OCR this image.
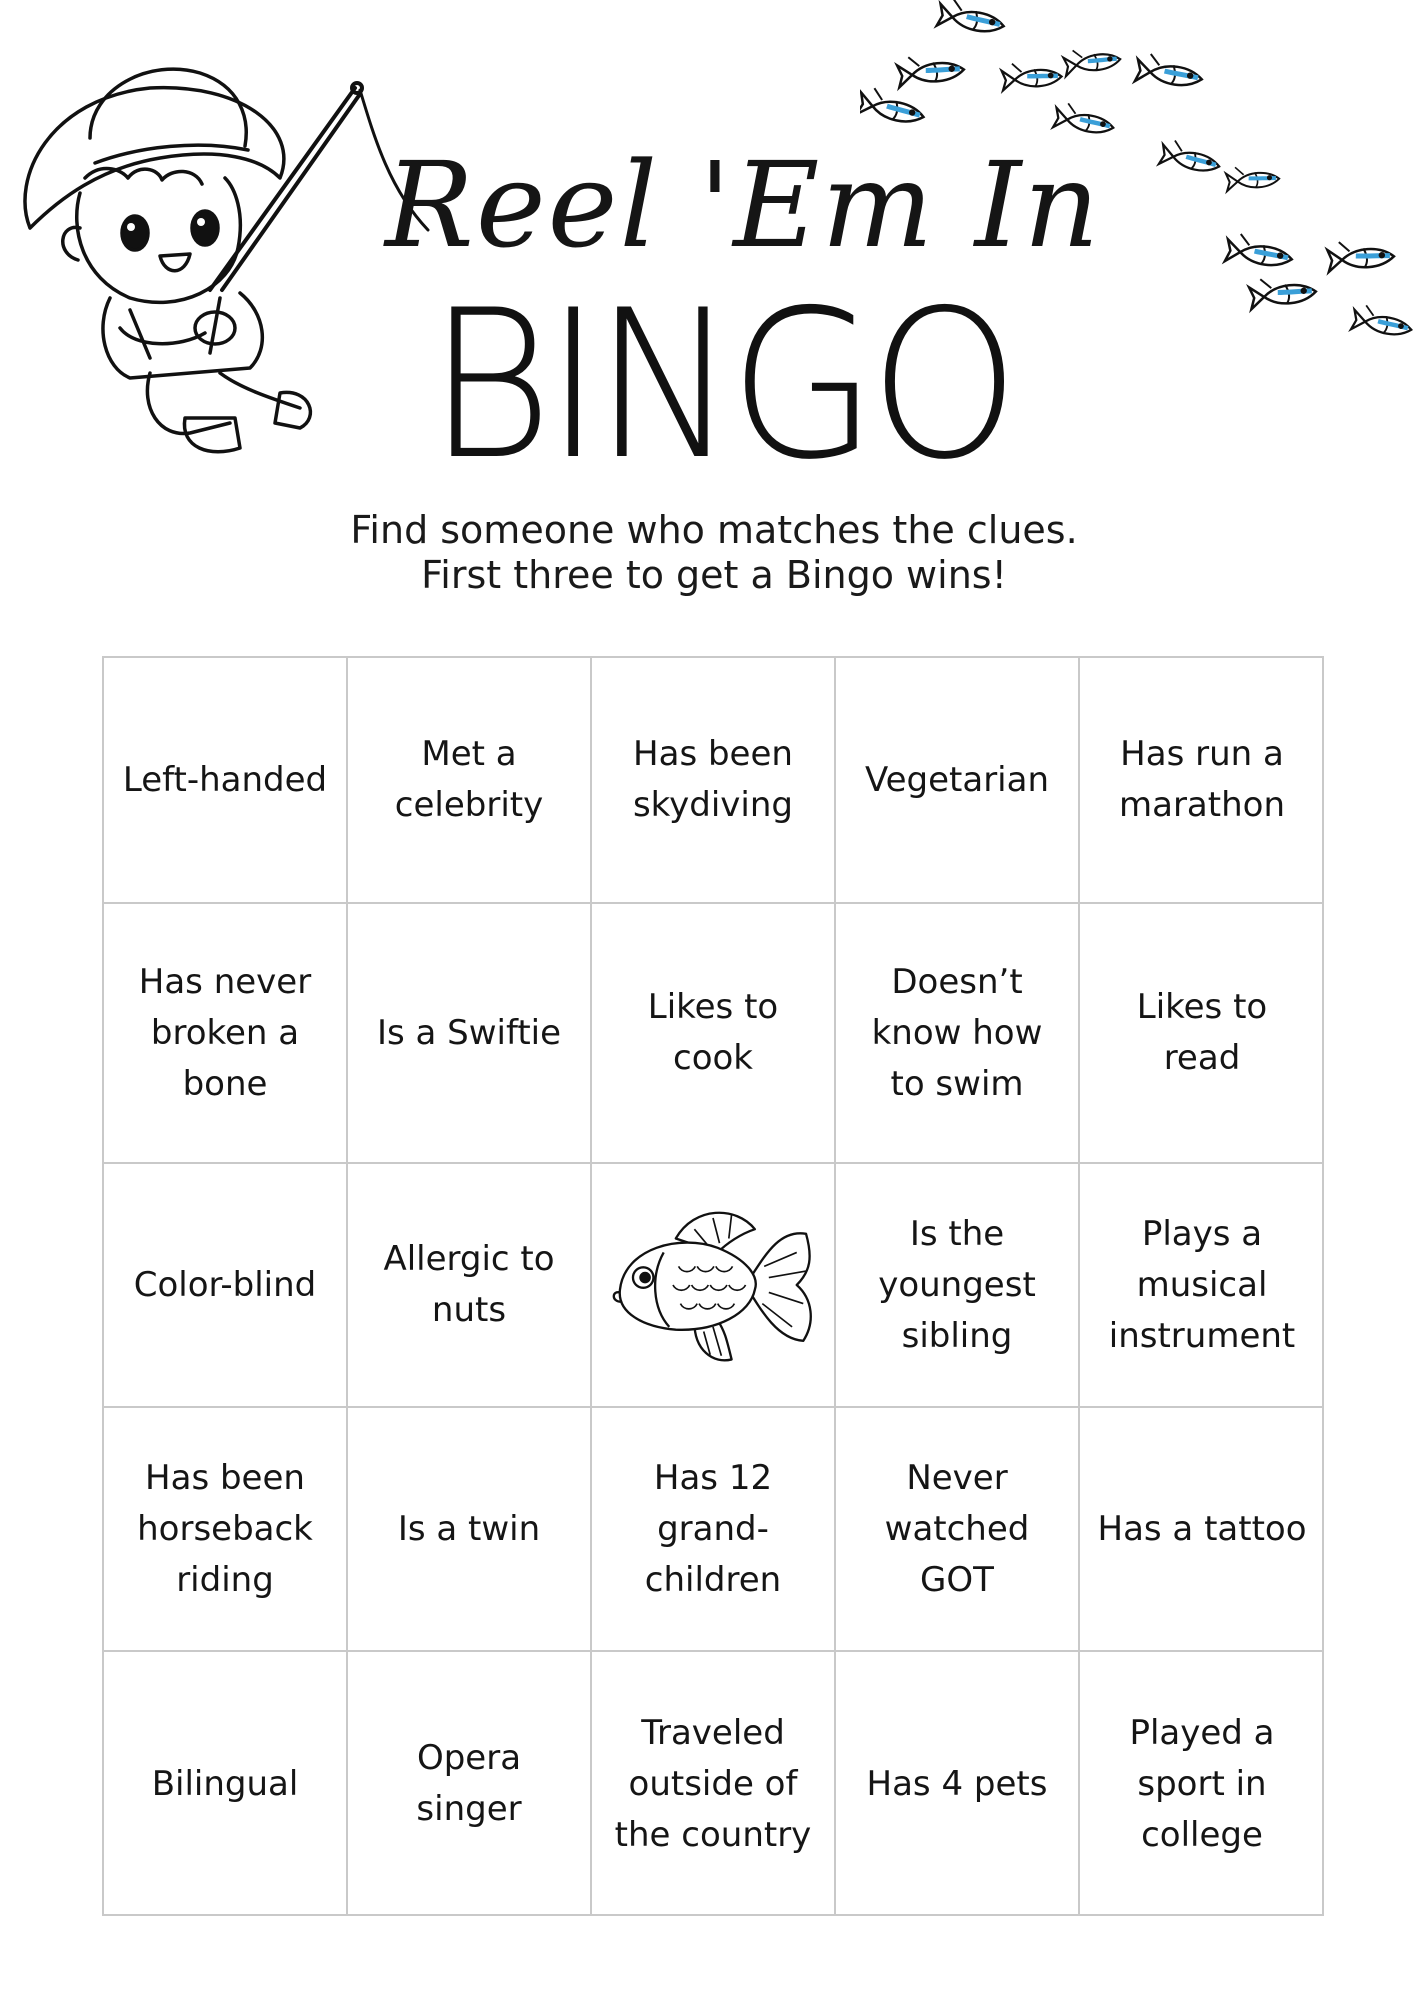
Reel 'Em In
BINGO
Find someone who matches the clues.
First three to get a Bingo wins!
Left-handed
Met a celebrity
Has been skydiving
Vegetarian
Has run a marathon
Has never broken a bone
Is a Swiftie
Likes to cook
Doesn’t know how to swim
Likes to read
Color-blind
Allergic to nuts
Is the youngest sibling
Plays a musical instrument
Has been horseback riding
Is a twin
Has 12 grand-children
Never watched GOT
Has a tattoo
Bilingual
Opera singer
Traveled outside of the country
Has 4 pets
Played a sport in college
